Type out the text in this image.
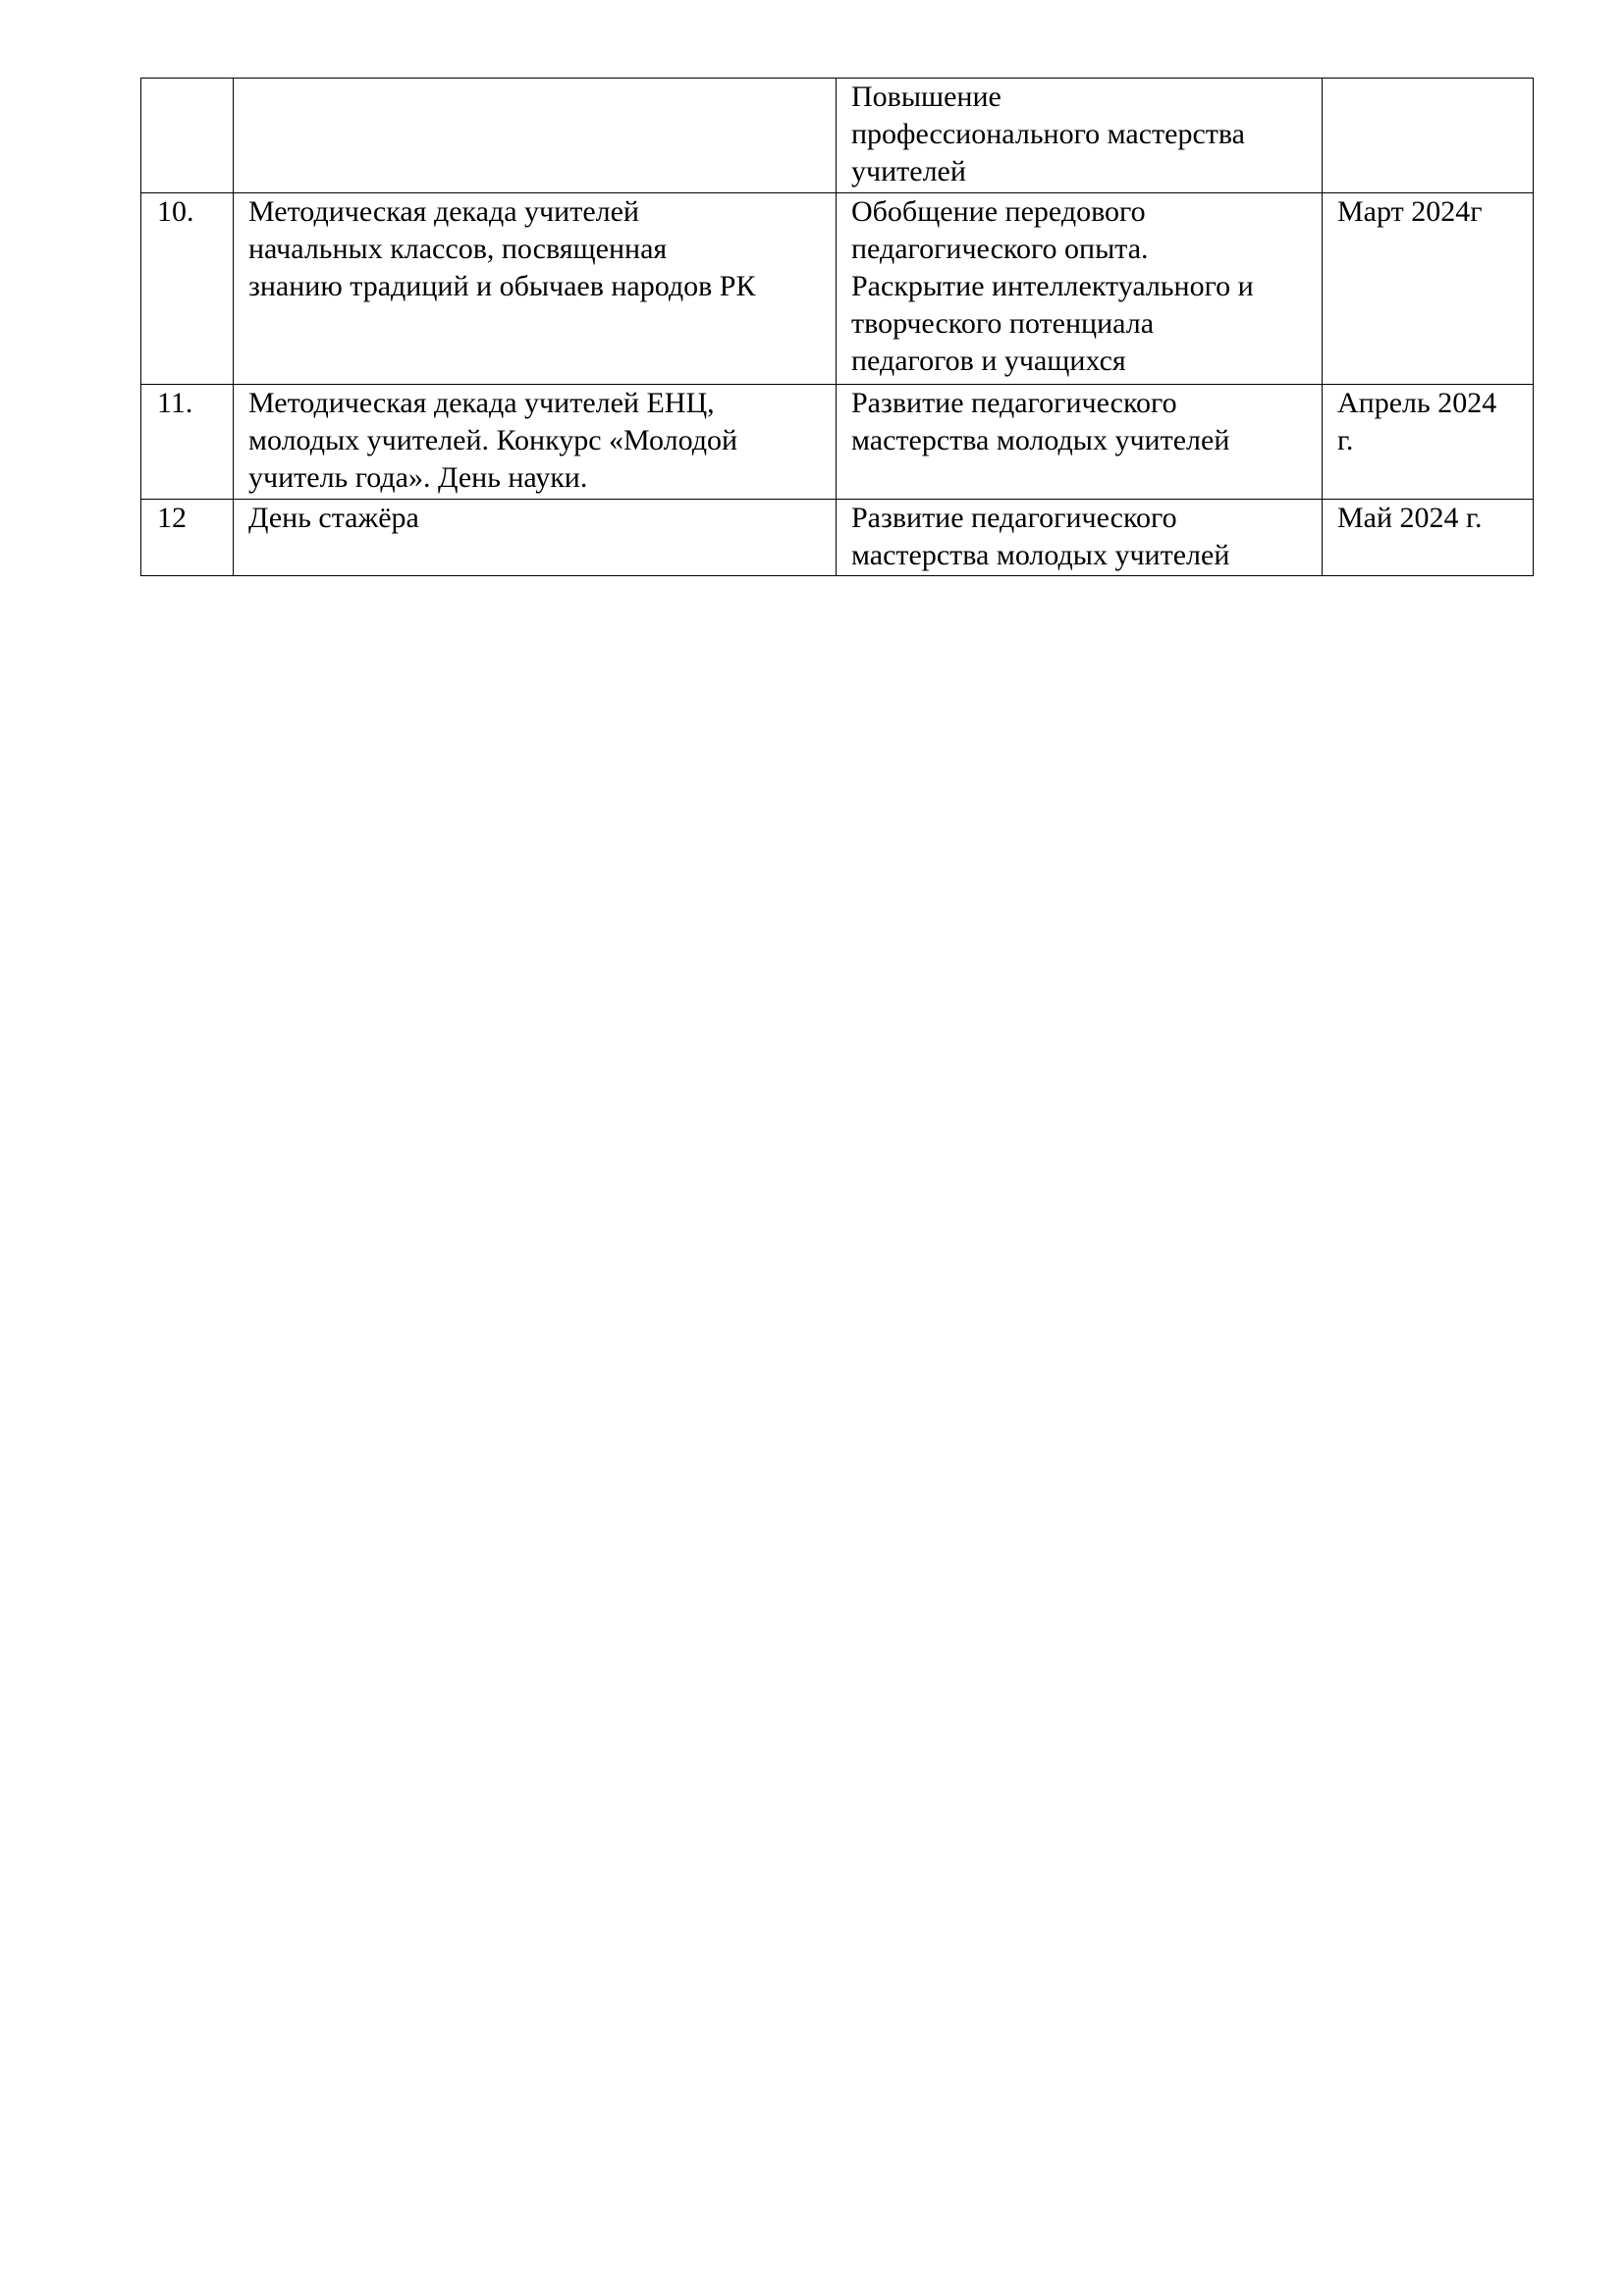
		Повышение
профессионального мастерства
учителей	

10.	Методическая декада учителей
начальных классов, посвященная
знанию традиций и обычаев народов РК	Обобщение передового
педагогического опыта.
Раскрытие интеллектуального и
творческого потенциала
педагогов и учащихся	Март 2024г

11.	Методическая декада учителей ЕНЦ,
молодых учителей. Конкурс «Молодой
учитель года». День науки.	Развитие педагогического
мастерства молодых учителей	Апрель 2024
г.

12	День стажёра	Развитие педагогического
мастерства молодых учителей	Май 2024 г.
